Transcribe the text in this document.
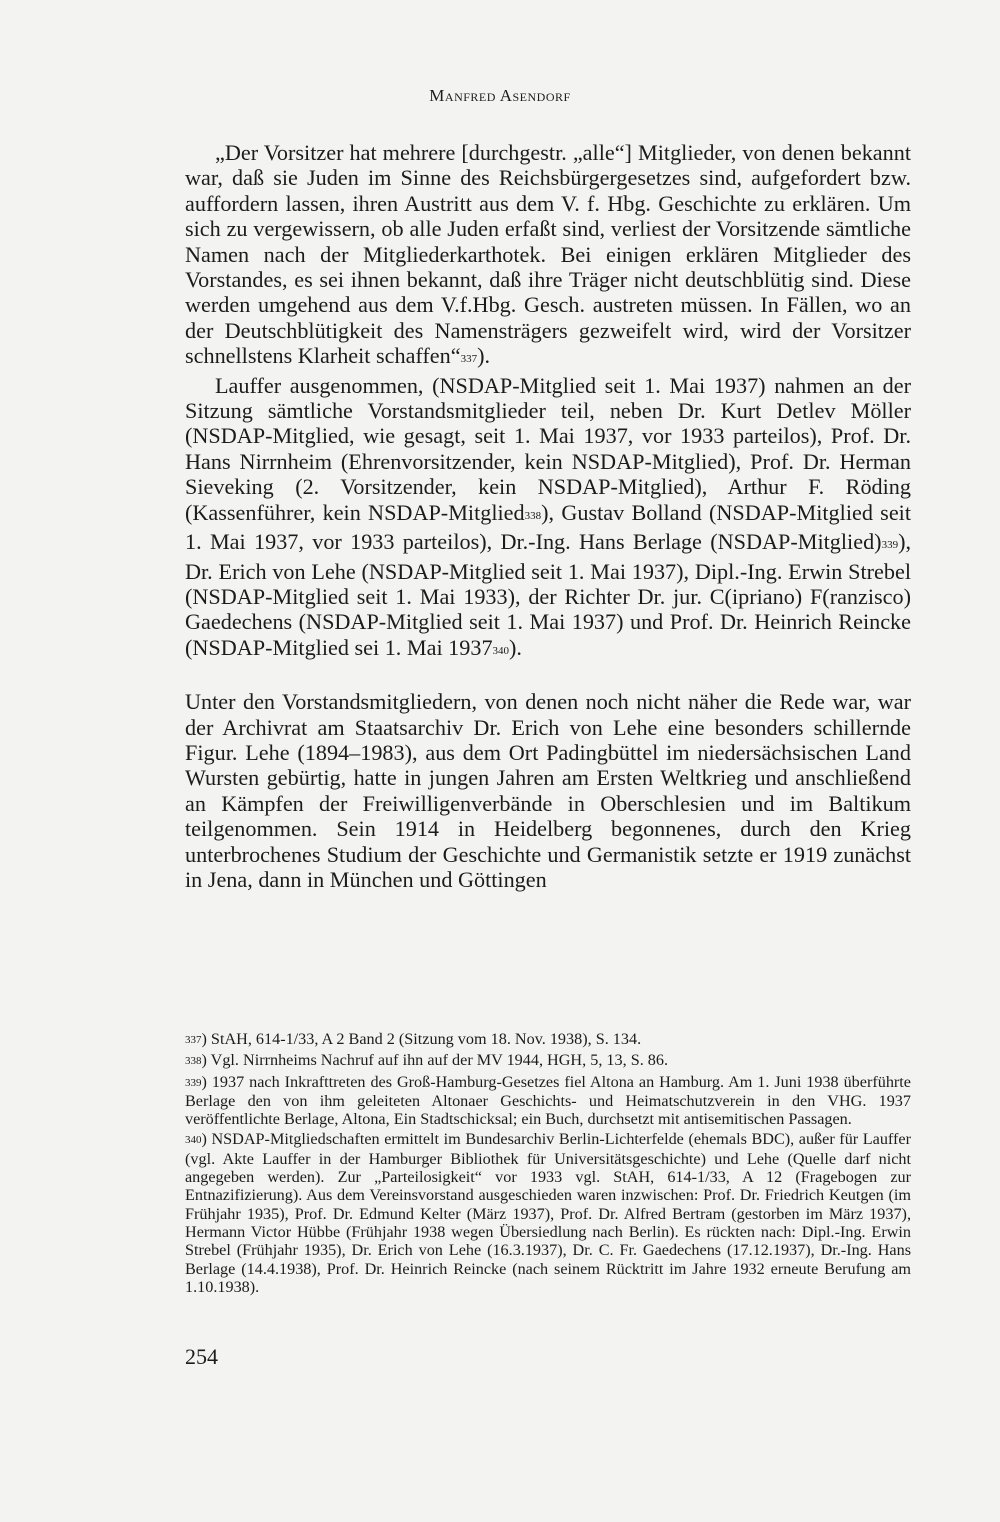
Manfred Asendorf

„Der Vorsitzer hat mehrere [durchgestr. „alle“] Mitglieder, von denen bekannt war, daß sie Juden im Sinne des Reichsbürgergesetzes sind, aufgefordert bzw. auffordern lassen, ihren Austritt aus dem V. f. Hbg. Geschichte zu erklären. Um sich zu vergewissern, ob alle Juden erfaßt sind, verliest der Vorsitzende sämtliche Namen nach der Mitgliederkarthotek. Bei einigen erklären Mitglieder des Vorstandes, es sei ihnen bekannt, daß ihre Träger nicht deutschblütig sind. Diese werden umgehend aus dem V.f.Hbg. Gesch. austreten müssen. In Fällen, wo an der Deutschblütigkeit des Namensträgers gezweifelt wird, wird der Vorsitzer schnellstens Klarheit schaffen“337).

Lauffer ausgenommen, (NSDAP-Mitglied seit 1. Mai 1937) nahmen an der Sitzung sämtliche Vorstandsmitglieder teil, neben Dr. Kurt Detlev Möller (NSDAP-Mitglied, wie gesagt, seit 1. Mai 1937, vor 1933 parteilos), Prof. Dr. Hans Nirrnheim (Ehrenvorsitzender, kein NSDAP-Mitglied), Prof. Dr. Herman Sieveking (2. Vorsitzender, kein NSDAP-Mitglied), Arthur F. Röding (Kassenführer, kein NSDAP-Mitglied338), Gustav Bolland (NSDAP-Mitglied seit 1. Mai 1937, vor 1933 parteilos), Dr.-Ing. Hans Berlage (NSDAP-Mitglied)339), Dr. Erich von Lehe (NSDAP-Mitglied seit 1. Mai 1937), Dipl.-Ing. Erwin Strebel (NSDAP-Mitglied seit 1. Mai 1933), der Richter Dr. jur. C(ipriano) F(ranzisco) Gaedechens (NSDAP-Mitglied seit 1. Mai 1937) und Prof. Dr. Heinrich Reincke (NSDAP-Mitglied sei 1. Mai 1937340).

Unter den Vorstandsmitgliedern, von denen noch nicht näher die Rede war, war der Archivrat am Staatsarchiv Dr. Erich von Lehe eine besonders schillernde Figur. Lehe (1894–1983), aus dem Ort Padingbüttel im niedersächsischen Land Wursten gebürtig, hatte in jungen Jahren am Ersten Weltkrieg und anschließend an Kämpfen der Freiwilligenverbände in Oberschlesien und im Baltikum teilgenommen. Sein 1914 in Heidelberg begonnenes, durch den Krieg unterbrochenes Studium der Geschichte und Germanistik setzte er 1919 zunächst in Jena, dann in München und Göttingen

337) StAH, 614-1/33, A 2 Band 2 (Sitzung vom 18. Nov. 1938), S. 134.

338) Vgl. Nirrnheims Nachruf auf ihn auf der MV 1944, HGH, 5, 13, S. 86.

339) 1937 nach Inkrafttreten des Groß-Hamburg-Gesetzes fiel Altona an Hamburg. Am 1. Juni 1938 überführte Berlage den von ihm geleiteten Altonaer Geschichts- und Heimatschutzverein in den VHG. 1937 veröffentlichte Berlage, Altona, Ein Stadtschicksal; ein Buch, durchsetzt mit antisemitischen Passagen.

340) NSDAP-Mitgliedschaften ermittelt im Bundesarchiv Berlin-Lichterfelde (ehemals BDC), außer für Lauffer (vgl. Akte Lauffer in der Hamburger Bibliothek für Universitätsgeschichte) und Lehe (Quelle darf nicht angegeben werden). Zur „Parteilosigkeit“ vor 1933 vgl. StAH, 614-1/33, A 12 (Fragebogen zur Entnazifizierung). Aus dem Vereinsvorstand ausgeschieden waren inzwischen: Prof. Dr. Friedrich Keutgen (im Frühjahr 1935), Prof. Dr. Edmund Kelter (März 1937), Prof. Dr. Alfred Bertram (gestorben im März 1937), Hermann Victor Hübbe (Frühjahr 1938 wegen Übersiedlung nach Berlin). Es rückten nach: Dipl.-Ing. Erwin Strebel (Frühjahr 1935), Dr. Erich von Lehe (16.3.1937), Dr. C. Fr. Gaedechens (17.12.1937), Dr.-Ing. Hans Berlage (14.4.1938), Prof. Dr. Heinrich Reincke (nach seinem Rücktritt im Jahre 1932 erneute Berufung am 1.10.1938).

254
